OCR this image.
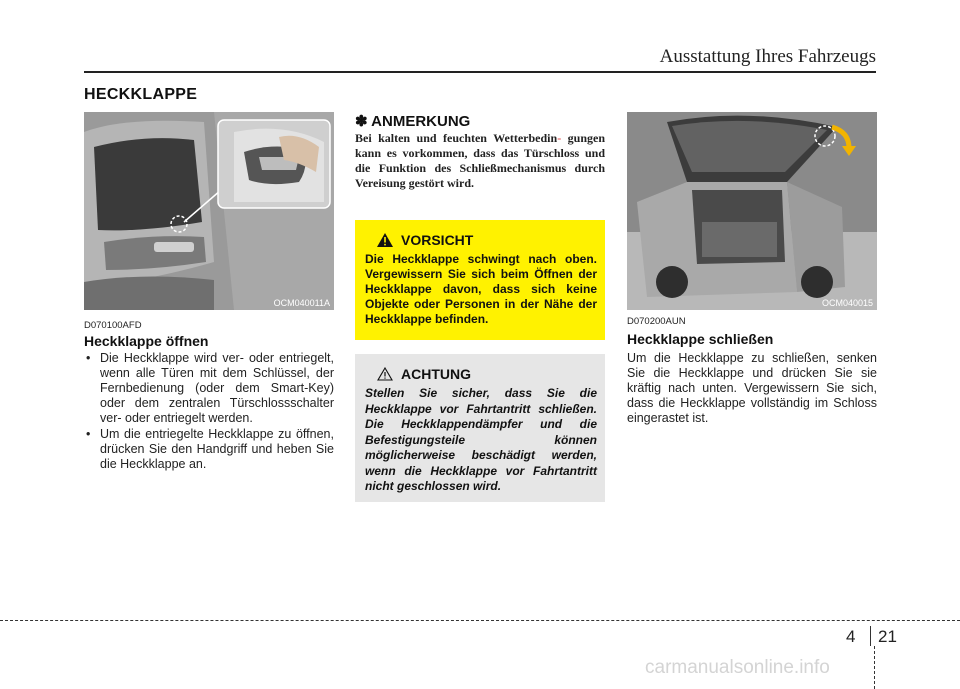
Ausstattung Ihres Fahrzeugs
HECKKLAPPE
OCM040011A
D070100AFD
Heckklappe öffnen
• Die Heckklappe wird ver- oder entriegelt, wenn alle Türen mit dem Schlüssel, der Fernbedienung (oder dem Smart-Key) oder dem zentralen Türschlossschalter ver- oder entriegelt werden.
• Um die entriegelte Heckklappe zu öffnen, drücken Sie den Handgriff und heben Sie die Heckklappe an.
✽ ANMERKUNG
Bei kalten und feuchten Wetterbedin- gungen kann es vorkommen, dass das Türschloss und die Funktion des Schließmechanismus durch Vereisung gestört wird.
VORSICHT
Die Heckklappe schwingt nach oben. Vergewissern Sie sich beim Öffnen der Heckklappe davon, dass sich keine Objekte oder Personen in der Nähe der Heckklappe befinden.
ACHTUNG
Stellen Sie sicher, dass Sie die Heckklappe vor Fahrtantritt schließen. Die Heckklappendämpfer und die Befestigungsteile können möglicherweise beschädigt werden, wenn die Heckklappe vor Fahrtantritt nicht geschlossen wird.
OCM040015
D070200AUN
Heckklappe schließen
Um die Heckklappe zu schließen, senken Sie die Heckklappe und drücken Sie sie kräftig nach unten. Vergewissern Sie sich, dass die Heckklappe vollständig im Schloss eingerastet ist.
4 21
carmanualsonline.info
